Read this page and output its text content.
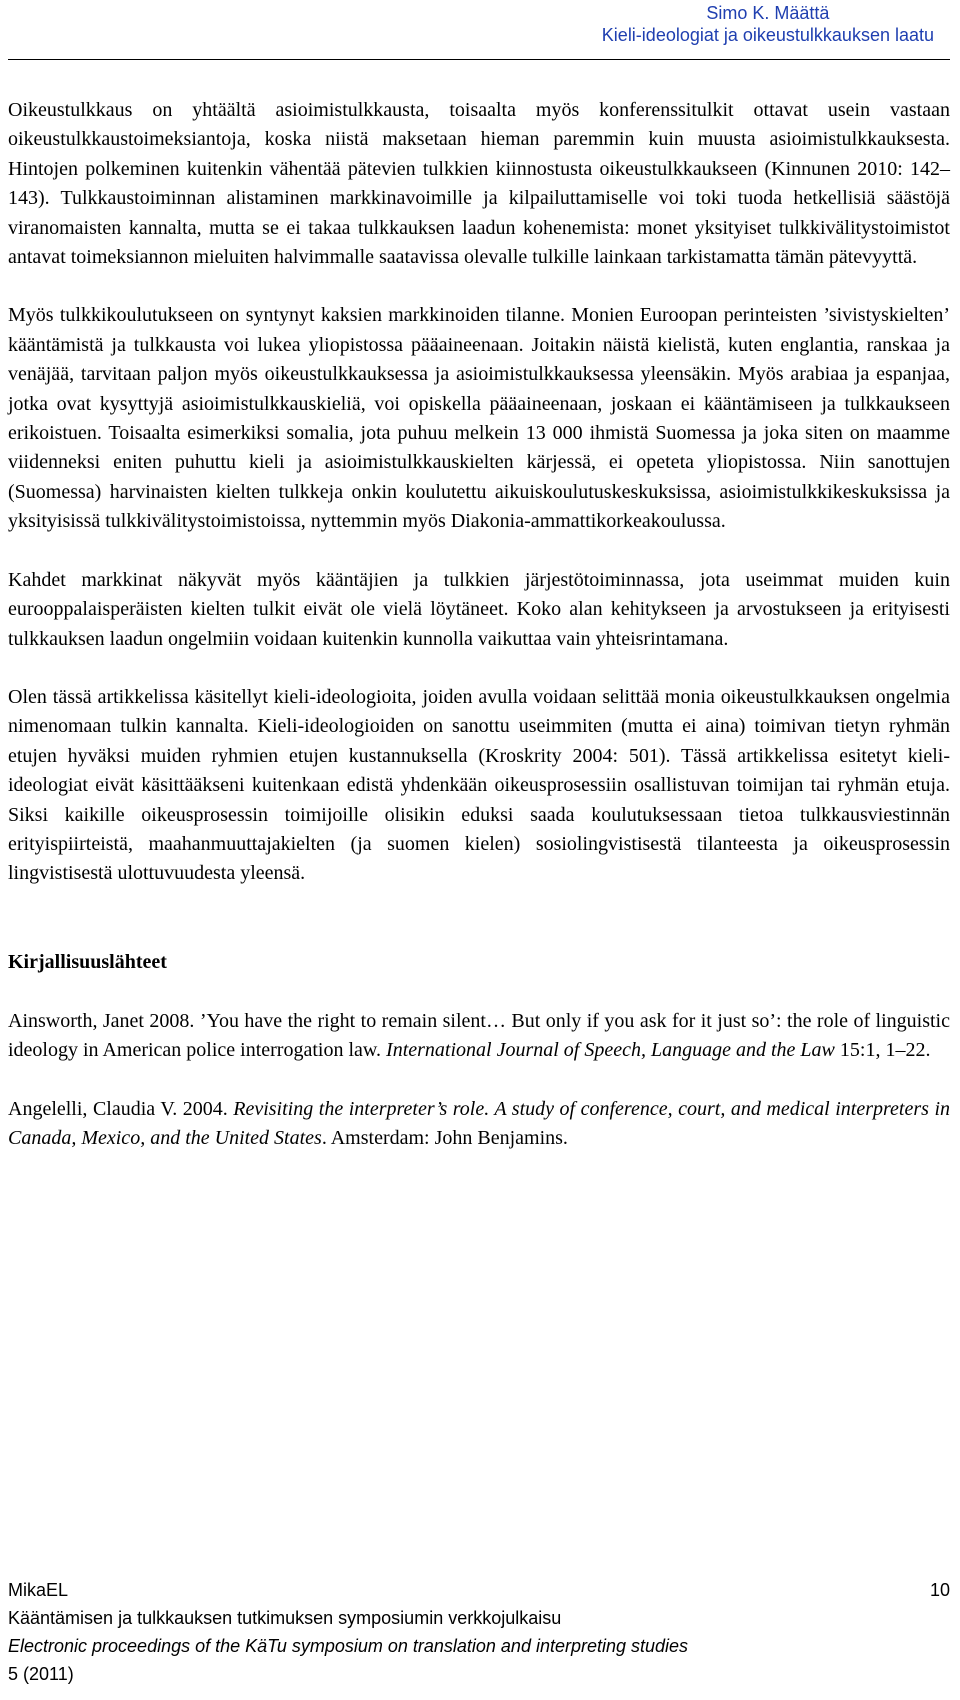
Simo K. Määttä
Kieli-ideologiat ja oikeustulkkauksen laatu

Oikeustulkkaus on yhtäältä asioimistulkkausta, toisaalta myös konferenssitulkit ottavat usein vastaan oikeustulkkaustoimeksiantoja, koska niistä maksetaan hieman paremmin kuin muusta asioimistulkkauksesta. Hintojen polkeminen kuitenkin vähentää pätevien tulkkien kiinnostusta oikeustulkkaukseen (Kinnunen 2010: 142–143). Tulkkaustoiminnan alistaminen markkinavoimille ja kilpailuttamiselle voi toki tuoda hetkellisiä säästöjä viranomaisten kannalta, mutta se ei takaa tulkkauksen laadun kohenemista: monet yksityiset tulkkivälitystoimistot antavat toimeksiannon mieluiten halvimmalle saatavissa olevalle tulkille lainkaan tarkistamatta tämän pätevyyttä.

Myös tulkkikoulutukseen on syntynyt kaksien markkinoiden tilanne. Monien Euroopan perinteisten ’sivistyskielten’ kääntämistä ja tulkkausta voi lukea yliopistossa pääaineenaan. Joitakin näistä kielistä, kuten englantia, ranskaa ja venäjää, tarvitaan paljon myös oikeustulkkauksessa ja asioimistulkkauksessa yleensäkin. Myös arabiaa ja espanjaa, jotka ovat kysyttyjä asioimistulkkauskieliä, voi opiskella pääaineenaan, joskaan ei kääntämiseen ja tulkkaukseen erikoistuen. Toisaalta esimerkiksi somalia, jota puhuu melkein 13 000 ihmistä Suomessa ja joka siten on maamme viidenneksi eniten puhuttu kieli ja asioimistulkkauskielten kärjessä, ei opeteta yliopistossa. Niin sanottujen (Suomessa) harvinaisten kielten tulkkeja onkin koulutettu aikuiskoulutuskeskuksissa, asioimistulkkikeskuksissa ja yksityisissä tulkkivälitystoimistoissa, nyttemmin myös Diakonia-ammattikorkeakoulussa.

Kahdet markkinat näkyvät myös kääntäjien ja tulkkien järjestötoiminnassa, jota useimmat muiden kuin eurooppalaisperäisten kielten tulkit eivät ole vielä löytäneet. Koko alan kehitykseen ja arvostukseen ja erityisesti tulkkauksen laadun ongelmiin voidaan kuitenkin kunnolla vaikuttaa vain yhteisrintamana.

Olen tässä artikkelissa käsitellyt kieli-ideologioita, joiden avulla voidaan selittää monia oikeustulkkauksen ongelmia nimenomaan tulkin kannalta. Kieli-ideologioiden on sanottu useimmiten (mutta ei aina) toimivan tietyn ryhmän etujen hyväksi muiden ryhmien etujen kustannuksella (Kroskrity 2004: 501). Tässä artikkelissa esitetyt kieliideologiat eivät käsittääkseni kuitenkaan edistä yhdenkään oikeusprosessiin osallistuvan toimijan tai ryhmän etuja. Siksi kaikille oikeusprosessin toimijoille olisikin eduksi saada koulutuksessaan tietoa tulkkausviestinnän erityispiirteistä, maahanmuuttajakielten (ja suomen kielen) sosiolingvistisestä tilanteesta ja oikeusprosessin lingvistisestä ulottuvuudesta yleensä.

Kirjallisuuslähteet

Ainsworth, Janet 2008. ’You have the right to remain silent… But only if you ask for it just so’: the role of linguistic ideology in American police interrogation law. International Journal of Speech, Language and the Law 15:1, 1–22.

Angelelli, Claudia V. 2004. Revisiting the interpreter’s role. A study of conference, court, and medical interpreters in Canada, Mexico, and the United States. Amsterdam: John Benjamins.

MikaEL	10
Kääntämisen ja tulkkauksen tutkimuksen symposiumin verkkojulkaisu
Electronic proceedings of the KäTu symposium on translation and interpreting studies
5 (2011)
